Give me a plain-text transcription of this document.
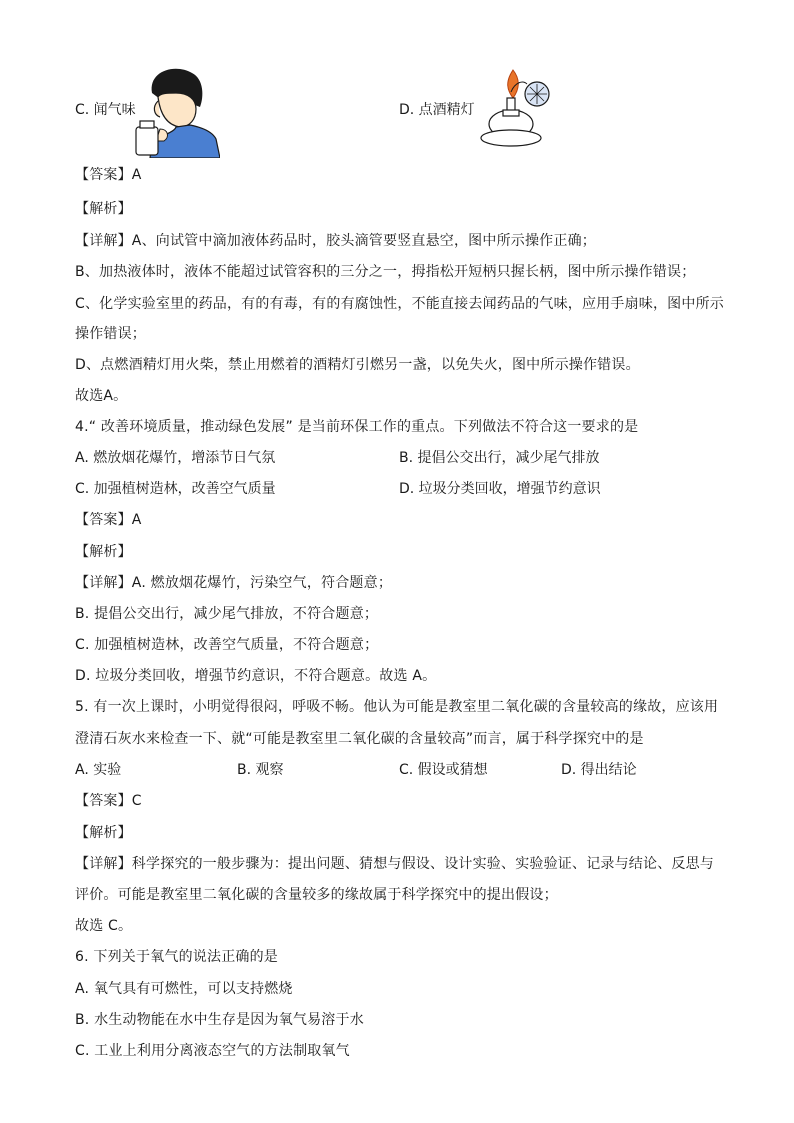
C. 闻气味	D. 点酒精灯
【答案】A
【解析】
【详解】A、向试管中滴加液体药品时，胶头滴管要竖直悬空，图中所示操作正确；
B、加热液体时，液体不能超过试管容积的三分之一，拇指松开短柄只握长柄，图中所示操作错误；
C、化学实验室里的药品，有的有毒，有的有腐蚀性，不能直接去闻药品的气味，应用手扇味，图中所示
操作错误；
D、点燃酒精灯用火柴，禁止用燃着的酒精灯引燃另一盏，以免失火，图中所示操作错误。
故选A。
4.“ 改善环境质量，推动绿色发展” 是当前环保工作的重点。下列做法不符合这一要求的是
A. 燃放烟花爆竹，增添节日气氛	B. 提倡公交出行，减少尾气排放
C. 加强植树造林，改善空气质量	D. 垃圾分类回收，增强节约意识
【答案】A
【解析】
【详解】A. 燃放烟花爆竹，污染空气，符合题意；
B. 提倡公交出行，减少尾气排放，不符合题意；
C. 加强植树造林，改善空气质量，不符合题意；
D. 垃圾分类回收，增强节约意识，不符合题意。故选 A。
5. 有一次上课时，小明觉得很闷，呼吸不畅。他认为可能是教室里二氧化碳的含量较高的缘故，应该用
澄清石灰水来检查一下、就“可能是教室里二氧化碳的含量较高”而言，属于科学探究中的是
A. 实验	B. 观察	C. 假设或猜想	D. 得出结论
【答案】C
【解析】
【详解】科学探究的一般步骤为：提出问题、猜想与假设、设计实验、实验验证、记录与结论、反思与
评价。可能是教室里二氧化碳的含量较多的缘故属于科学探究中的提出假设；
故选 C。
6. 下列关于氧气的说法正确的是
A. 氧气具有可燃性，可以支持燃烧
B. 水生动物能在水中生存是因为氧气易溶于水
C. 工业上利用分离液态空气的方法制取氧气
